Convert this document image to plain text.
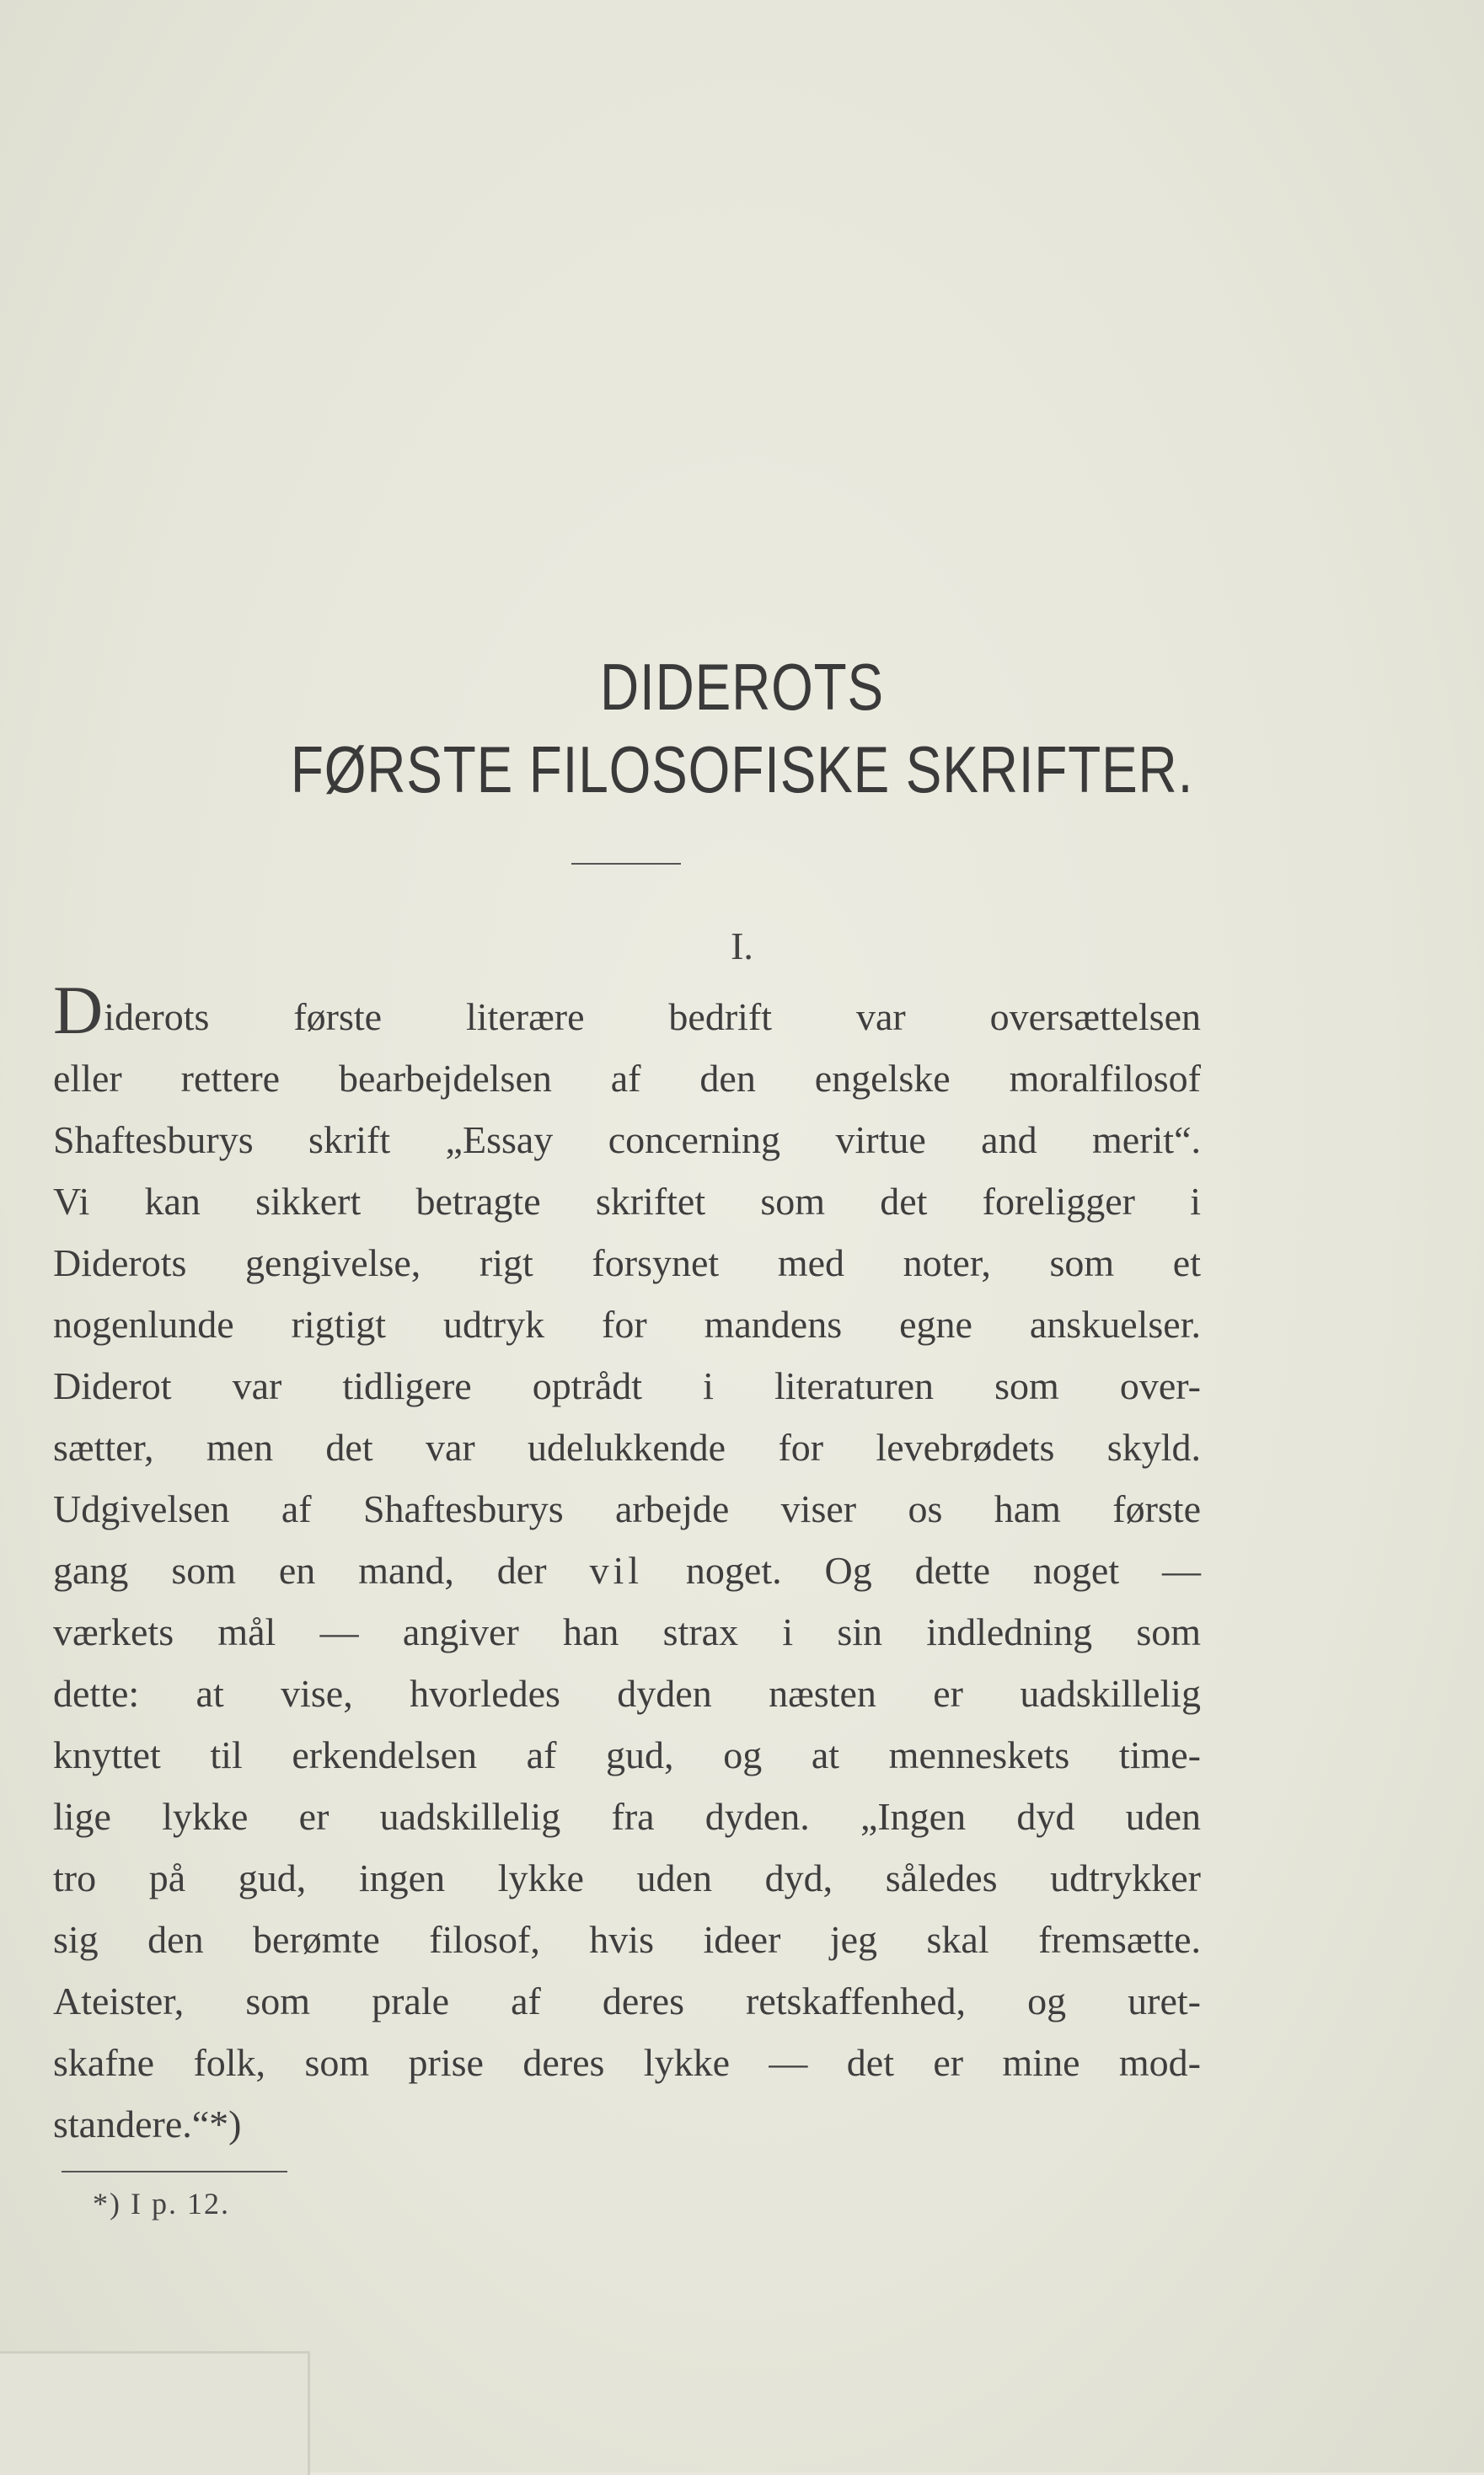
DIDEROTS
FØRSTE FILOSOFISKE SKRIFTER.
I.
Diderots første literære bedrift var oversættelsen
eller rettere bearbejdelsen af den engelske moralfilosof
Shaftesburys skrift „Essay concerning virtue and merit“.
Vi kan sikkert betragte skriftet som det foreligger i
Diderots gengivelse, rigt forsynet med noter, som et
nogenlunde rigtigt udtryk for mandens egne anskuelser.
Diderot var tidligere optrådt i literaturen som over-
sætter, men det var udelukkende for levebrødets skyld.
Udgivelsen af Shaftesburys arbejde viser os ham første
gang som en mand, der vil noget. Og dette noget —
værkets mål — angiver han strax i sin indledning som
dette: at vise, hvorledes dyden næsten er uadskillelig
knyttet til erkendelsen af gud, og at menneskets time-
lige lykke er uadskillelig fra dyden. „Ingen dyd uden
tro på gud, ingen lykke uden dyd, således udtrykker
sig den berømte filosof, hvis ideer jeg skal fremsætte.
Ateister, som prale af deres retskaffenhed, og uret-
skafne folk, som prise deres lykke — det er mine mod-
standere.“*)
*) I p. 12.
